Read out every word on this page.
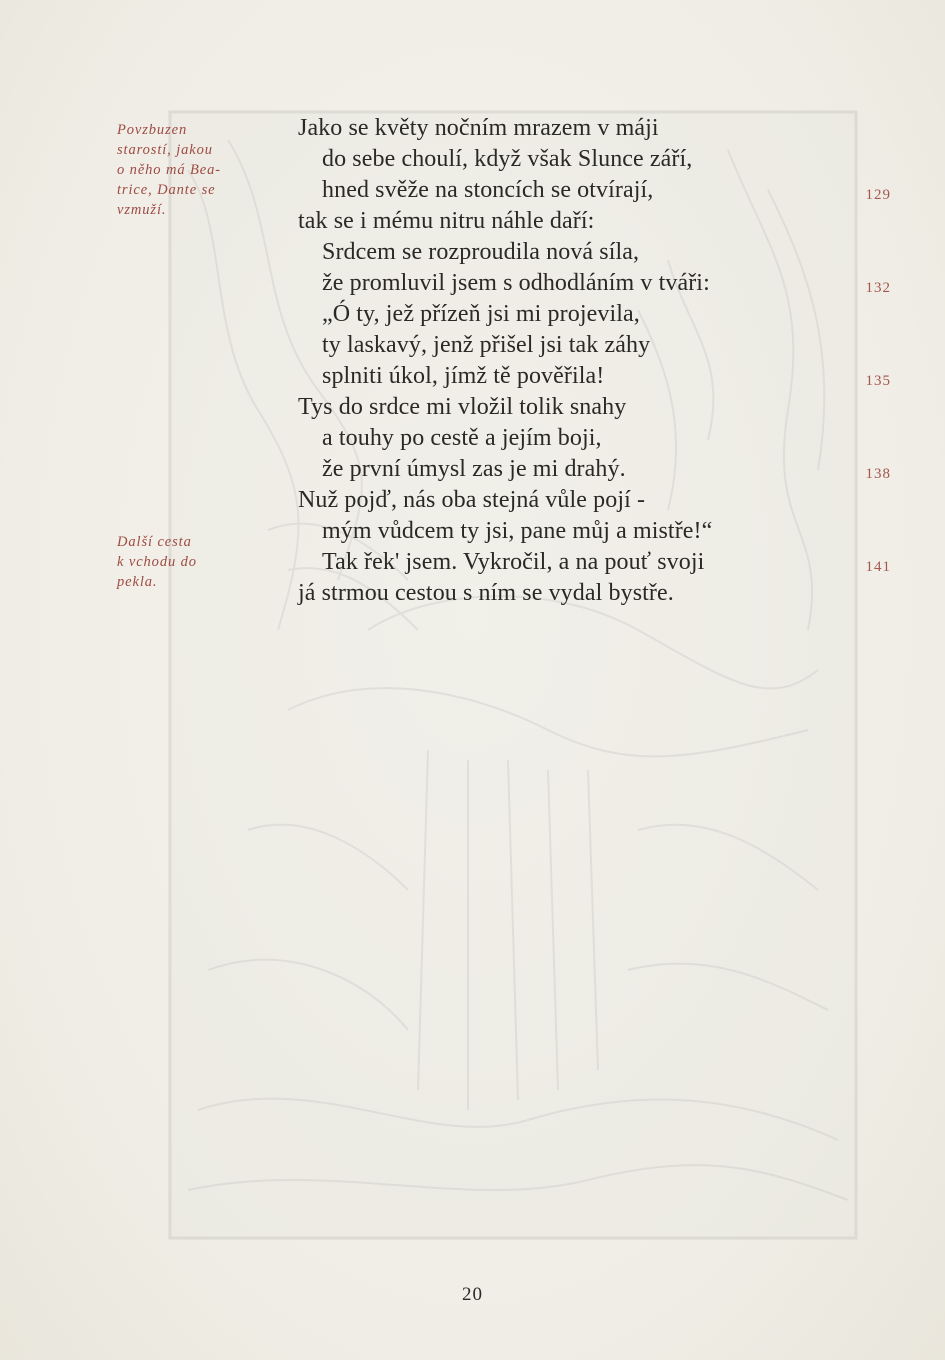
Povzbuzen
starostí, jakou
o něho má Bea-
trice, Dante se
vzmuží.
Další cesta
k vchodu do
pekla.
Jako se květy nočním mrazem v máji
do sebe choulí, když však Slunce září,
hned svěže na stoncích se otvírají,
tak se i mému nitru náhle daří:
Srdcem se rozproudila nová síla,
že promluvil jsem s odhodláním v tváři:
„Ó ty, jež přízeň jsi mi projevila,
ty laskavý, jenž přišel jsi tak záhy
splniti úkol, jímž tě pověřila!
Tys do srdce mi vložil tolik snahy
a touhy po cestě a jejím boji,
že první úmysl zas je mi drahý.
Nuž pojď, nás oba stejná vůle pojí -
mým vůdcem ty jsi, pane můj a mistře!“
Tak řek' jsem. Vykročil, a na pouť svoji
já strmou cestou s ním se vydal bystře.
129
132
135
138
141
20
